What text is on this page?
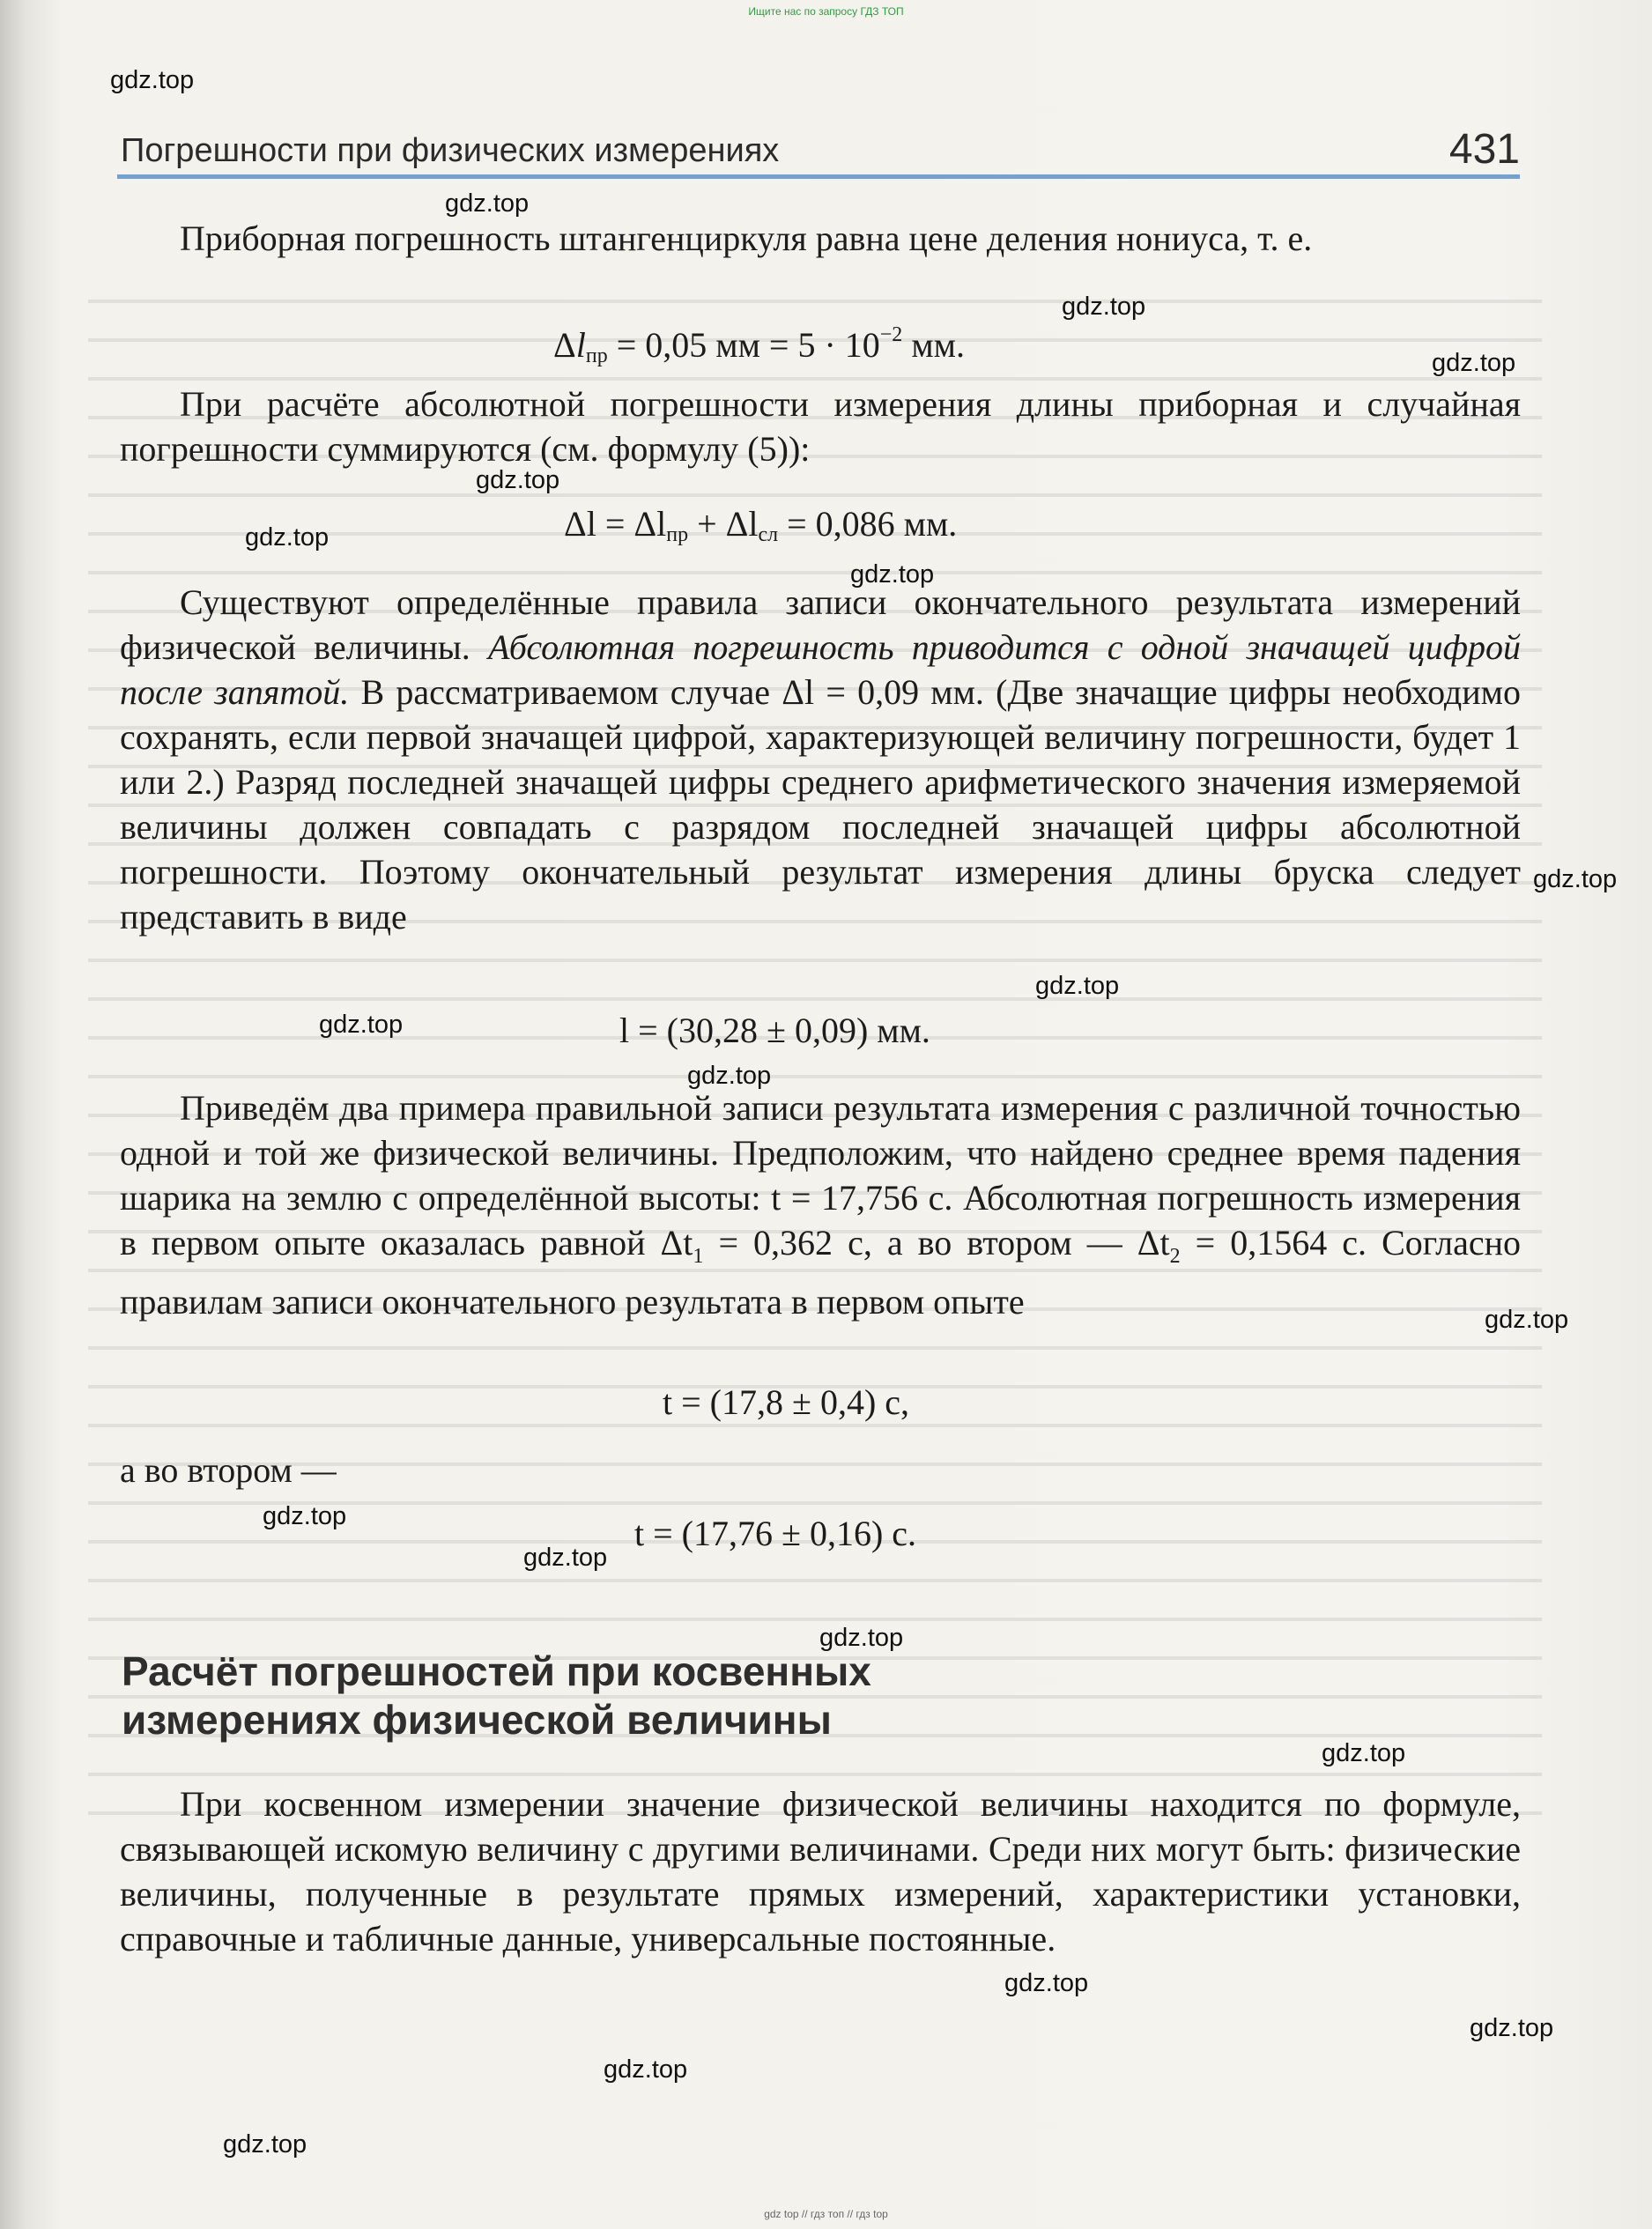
Ищите нас по запросу ГДЗ ТОП
Погрешности при физических измерениях	431
Приборная погрешность штангенциркуля равна цене деления нониуса, т. е.
$\Delta l_{пр} = 0,05$ мм = $5 \cdot 10^{-2}$ мм.
При расчёте абсолютной погрешности измерения длины приборная и случайная погрешности суммируются (см. формулу (5)):
$\Delta l = \Delta l_{пр} + \Delta l_{сл} = 0,086$ мм.
Существуют определённые правила записи окончательного результата измерений физической величины. Абсолютная погрешность приводится с одной значащей цифрой после запятой. В рассматриваемом случае Δl = 0,09 мм. (Две значащие цифры необходимо сохранять, если первой значащей цифрой, характеризующей величину погрешности, будет 1 или 2.) Разряд последней значащей цифры среднего арифметического значения измеряемой величины должен совпадать с разрядом последней значащей цифры абсолютной погрешности. Поэтому окончательный результат измерения длины бруска следует представить в виде
l = (30,28 ± 0,09) мм.
Приведём два примера правильной записи результата измерения с различной точностью одной и той же физической величины. Предположим, что найдено среднее время падения шарика на землю с определённой высоты: t = 17,756 с. Абсолютная погрешность измерения в первом опыте оказалась равной $\Delta t_1 = 0,362$ с, а во втором — $\Delta t_2 = 0,1564$ с. Согласно правилам записи окончательного результата в первом опыте
t = (17,8 ± 0,4) с,
а во втором —
t = (17,76 ± 0,16) с.
Расчёт погрешностей при косвенных
измерениях физической величины
При косвенном измерении значение физической величины находится по формуле, связывающей искомую величину с другими величинами. Среди них могут быть: физические величины, полученные в результате прямых измерений, характеристики установки, справочные и табличные данные, универсальные постоянные.
gdz.top
gdz.top
gdz.top
gdz.top
gdz.top
gdz.top
gdz.top
gdz.top
gdz.top
gdz.top
gdz.top
gdz.top
gdz.top
gdz.top
gdz.top
gdz.top
gdz.top
gdz.top
gdz.top
gdz.top
gdz top // гдз топ // гдз top
